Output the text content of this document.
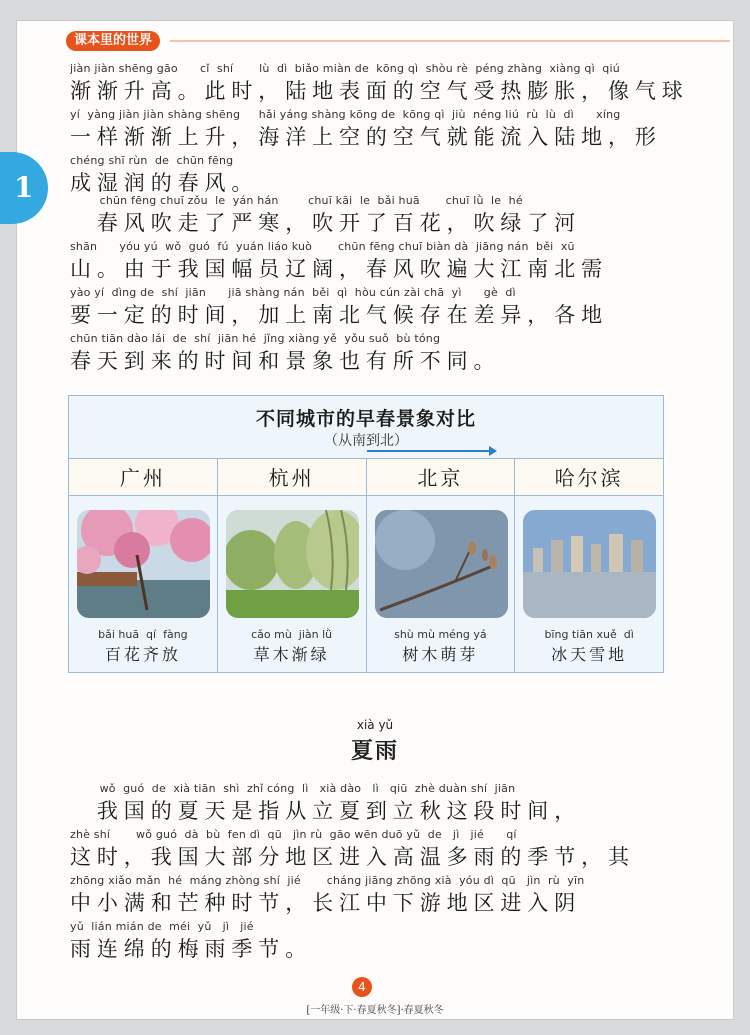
课本里的世界
1
jiàn jiàn shēng gāo      cǐ  shí       lù  dì  biǎo miàn de  kōng qì  shòu rè  péng zhàng  xiàng qì  qiú
渐渐升高。此时，陆地表面的空气受热膨胀，像气球
yí  yàng jiàn jiàn shàng shēng     hǎi yáng shàng kōng de  kōng qì  jiù  néng liú  rù  lù  dì      xíng
一样渐渐上升，海洋上空的空气就能流入陆地，形
chéng shī rùn  de  chūn fēng
成湿润的春风。
chūn fēng chuī zǒu  le  yán hán        chuī kāi  le  bǎi huā       chuī lǜ  le  hé
　春风吹走了严寒，吹开了百花，吹绿了河
shān      yóu yú  wǒ  guó  fú  yuán liáo kuò       chūn fēng chuī biàn dà  jiāng nán  běi  xū
山。由于我国幅员辽阔，春风吹遍大江南北需
yào yí  dìng de  shí  jiān      jiā shàng nán  běi  qì  hòu cún zài chā  yì      gè  dì
要一定的时间，加上南北气候存在差异，各地
chūn tiān dào lái  de  shí  jiān hé  jǐng xiàng yě  yǒu suǒ  bù tóng
春天到来的时间和景象也有所不同。
不同城市的早春景象对比
（从南到北）
广州
bǎi huā  qí  fàng
百花齐放
杭州
cǎo mù  jiàn lǜ
草木渐绿
北京
shù mù méng yá
树木萌芽
哈尔滨
bīng tiān xuě  dì
冰天雪地
xià yǔ
夏雨
wǒ  guó  de  xià tiān  shì  zhǐ cóng  lì   xià dào   lì   qiū  zhè duàn shí  jiān
　我国的夏天是指从立夏到立秋这段时间，
zhè shí       wǒ guó  dà  bù  fen dì  qū   jìn rù  gāo wēn duō yǔ  de   jì   jié      qí
这时，我国大部分地区进入高温多雨的季节，其
zhōng xiǎo mǎn  hé  máng zhòng shí  jié       cháng jiāng zhōng xià  yóu dì  qū   jìn  rù  yīn
中小满和芒种时节，长江中下游地区进入阴
yǔ  lián mián de  méi  yǔ   jì   jié
雨连绵的梅雨季节。
4
[一年级·下·春夏秋冬]·春夏秋冬
